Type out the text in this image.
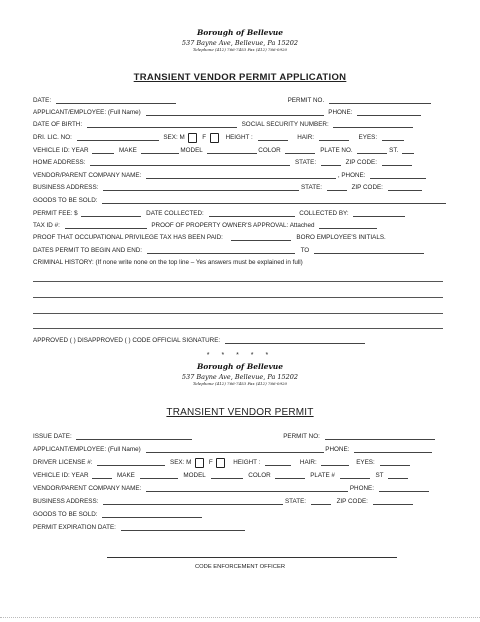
Borough of Bellevue
537 Bayne Ave, Bellevue, Pa 15202
Telephone (412) 766-7453 Fax (412) 766-0920
TRANSIENT VENDOR PERMIT APPLICATION
DATE:	PERMIT NO.
APPLICANT/EMPLOYEE: (Full Name)	PHONE:
DATE OF BIRTH:	SOCIAL SECURITY NUMBER:
DRI. LIC. NO:	SEX: M	F	HEIGHT :	HAIR:	EYES:
VEHICLE ID: YEAR	MAKE	MODEL	COLOR	PLATE NO.	ST.
HOME ADDRESS:	STATE:	ZIP CODE:
VENDOR/PARENT COMPANY NAME:	, PHONE:
BUSINESS ADDRESS:	STATE:	ZIP CODE:
GOODS TO BE SOLD:
PERMIT FEE: $	DATE COLLECTED:	COLLECTED BY:
TAX ID #:	PROOF OF PROPERTY OWNER'S APPROVAL: Attached
PROOF THAT OCCUPATIONAL PRIVILEGE TAX HAS BEEN PAID:	BORO EMPLOYEE'S INITIALS.
DATES PERMIT TO BEGIN AND END:	TO
CRIMINAL HISTORY: (If none write none on the top line – Yes answers must be explained in full)
APPROVED ( ) DISAPPROVED ( ) CODE OFFICIAL SIGNATURE:
* * * * *
Borough of Bellevue
537 Bayne Ave, Bellevue, Pa 15202
Telephone (412) 766-7453 Fax (412) 766-0920
TRANSIENT VENDOR PERMIT
ISSUE DATE:	PERMIT NO:
APPLICANT/EMPLOYEE: (Full Name)	PHONE:
DRIVER LICENSE #:	SEX: M	F	HEIGHT :	HAIR:	EYES:
VEHICLE ID: YEAR	MAKE	MODEL	COLOR	PLATE #	ST
VENDOR/PARENT COMPANY NAME:	PHONE:
BUSINESS ADDRESS:	STATE:	ZIP CODE:
GOODS TO BE SOLD:
PERMIT EXPIRATION DATE:
CODE ENFORCEMENT OFFICER
